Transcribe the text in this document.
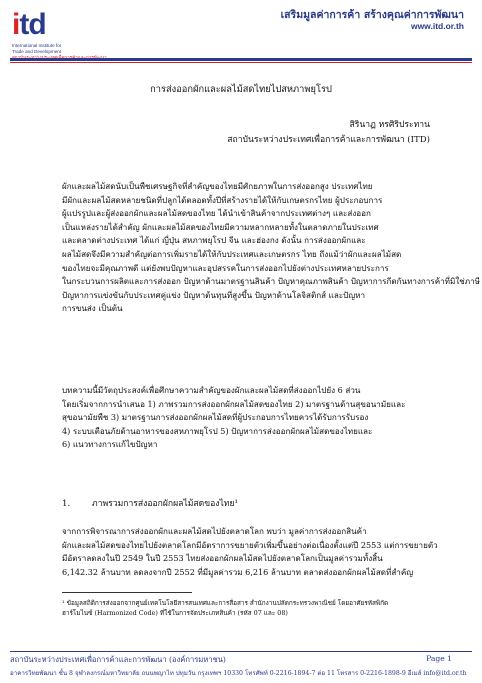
itd
International Institute for
Trade and Development
เสริมมูลค่าการค้า สร้างคุณค่าการพัฒนา
www.itd.or.th
การส่งออกผักและผลไม้สดไทยไปสหภาพยุโรป
สิรินาฏ หรศิริประทาน
สถาบันระหว่างประเทศเพื่อการค้าและการพัฒนา (ITD)
ผักและผลไม้สดนับเป็นพืชเศรษฐกิจที่สำคัญของไทยมีศักยภาพในการส่งออกสูง ประเทศไทย
มีผักและผลไม้สดหลายชนิดที่ปลูกได้ตลอดทั้งปีที่สร้างรายได้ให้กับเกษตรกรไทย ผู้ประกอบการ
ผู้แปรรูปและผู้ส่งออกผักและผลไม้สดของไทย ได้นำเข้าสินค้าจากประเทศต่างๆ และส่งออก
เป็นแหล่งรายได้สำคัญ ผักและผลไม้สดของไทยมีความหลากหลายทั้งในตลาดภายในประเทศ
และตลาดต่างประเทศ ได้แก่ ญี่ปุ่น สหภาพยุโรป จีน และฮ่องกง ดังนั้น การส่งออกผักและ
ผลไม้สดจึงมีความสำคัญต่อการเพิ่มรายได้ให้กับประเทศและเกษตรกร ไทย ถึงแม้ว่าผักและผลไม้สด
ของไทยจะมีคุณภาพดี แต่ยังพบปัญหาและอุปสรรคในการส่งออกไปยังต่างประเทศหลายประการ
ในกระบวนการผลิตและการส่งออก ปัญหาด้านมาตรฐานสินค้า ปัญหาคุณภาพสินค้า ปัญหาการกีดกันทางการค้าที่มิใช่ภาษี
ปัญหาการแข่งขันกับประเทศคู่แข่ง ปัญหาต้นทุนที่สูงขึ้น ปัญหาด้านโลจิสติกส์ และปัญหา
การขนส่ง เป็นต้น
บทความนี้มีวัตถุประสงค์เพื่อศึกษาความสำคัญของผักและผลไม้สดที่ส่งออกไปยัง 6 ส่วน
โดยเริ่มจากการนำเสนอ 1) ภาพรวมการส่งออกผักผลไม้สดของไทย 2) มาตรฐานด้านสุขอนามัยและ
สุขอนามัยพืช 3) มาตรฐานการส่งออกผักผลไม้สดที่ผู้ประกอบการไทยควรได้รับการรับรอง
4) ระบบเตือนภัยด้านอาหารของสหภาพยุโรป 5) ปัญหาการส่งออกผักผลไม้สดของไทยและ
6) แนวทางการแก้ไขปัญหา
1.	ภาพรวมการส่งออกผักผลไม้สดของไทย¹
จากการพิจารณาการส่งออกผักและผลไม้สดไปยังตลาดโลก พบว่า มูลค่าการส่งออกสินค้า
ผักและผลไม้สดของไทยไปยังตลาดโลกมีอัตราการขยายตัวเพิ่มขึ้นอย่างต่อเนื่องตั้งแต่ปี 2553 แต่การขยายตัว
มีอัตราลดลงในปี 2549 ในปี 2553 ไทยส่งออกผักผลไม้สดไปยังตลาดโลกเป็นมูลค่ารวมทั้งสิ้น
6,142.32 ล้านบาท ลดลงจากปี 2552 ที่มีมูลค่ารวม 6,216 ล้านบาท ตลาดส่งออกผักผลไม้สดที่สำคัญ
¹ ข้อมูลสถิติการส่งออกจากศูนย์เทคโนโลยีสารสนเทศและการสื่อสาร สำนักงานปลัดกระทรวงพาณิชย์ โดยอาศัยรหัสพิกัด
ฮาร์โมไนซ์ (Harmonized Code) ที่ใช้ในการจัดประเภทสินค้า (รหัส 07 และ 08)
สถาบันระหว่างประเทศเพื่อการค้าและการพัฒนา (องค์การมหาชน)	Page 1
อาคารวิทยพัฒนา ชั้น 8 จุฬาลงกรณ์มหาวิทยาลัย ถนนพญาไท ปทุมวัน กรุงเทพฯ 10330 โทรศัพท์ 0-2216-1894-7 ต่อ 11 โทรสาร 0-2216-1898-9 อีเมล์ info@itd.or.th
